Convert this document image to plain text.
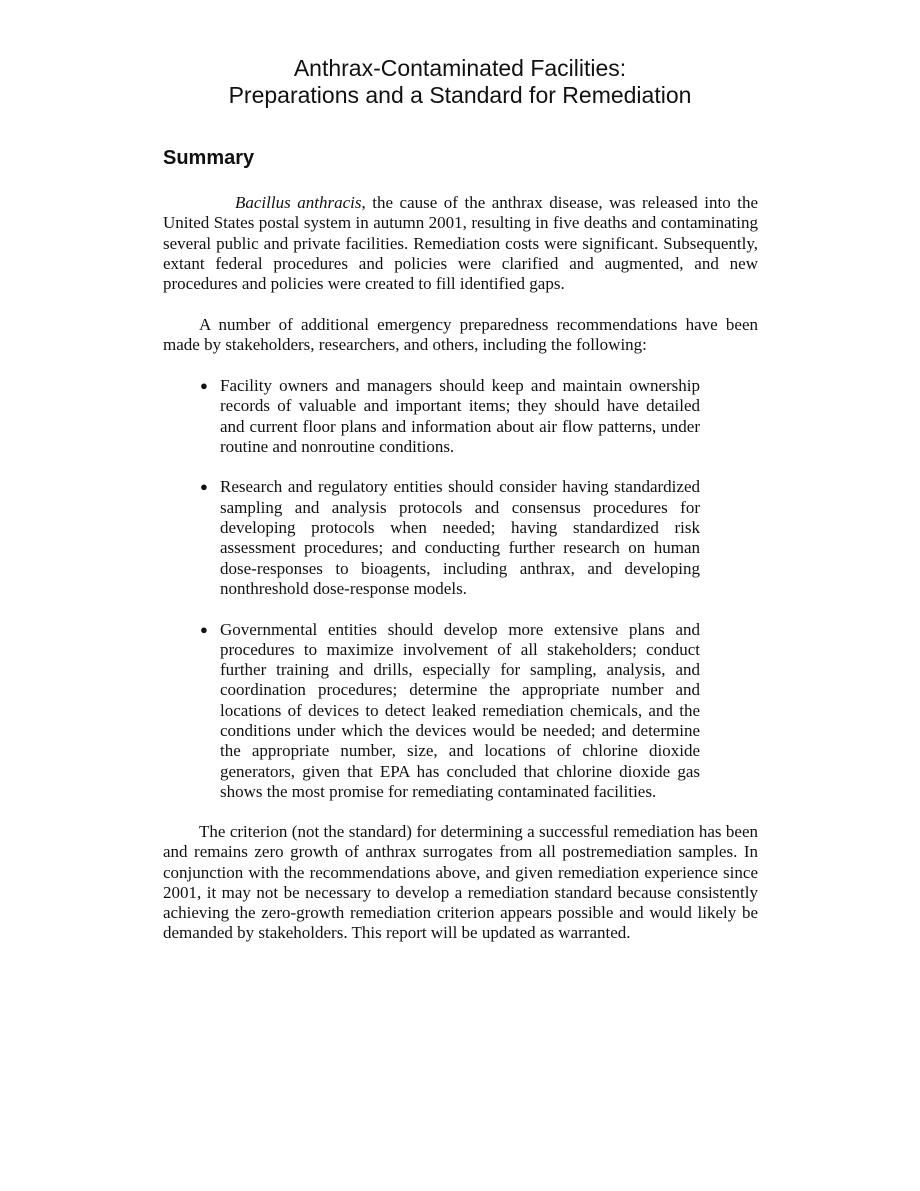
Anthrax-Contaminated Facilities:
Preparations and a Standard for Remediation
Summary

Bacillus anthracis, the cause of the anthrax disease, was released into the United States postal system in autumn 2001, resulting in five deaths and contaminating several public and private facilities. Remediation costs were significant. Subsequently, extant federal procedures and policies were clarified and augmented, and new procedures and policies were created to fill identified gaps.

A number of additional emergency preparedness recommendations have been made by stakeholders, researchers, and others, including the following:

● Facility owners and managers should keep and maintain ownership records of valuable and important items; they should have detailed and current floor plans and information about air flow patterns, under routine and nonroutine conditions.
● Research and regulatory entities should consider having standardized sampling and analysis protocols and consensus procedures for developing protocols when needed; having standardized risk assessment procedures; and conducting further research on human dose-responses to bioagents, including anthrax, and developing nonthreshold dose-response models.
● Governmental entities should develop more extensive plans and procedures to maximize involvement of all stakeholders; conduct further training and drills, especially for sampling, analysis, and coordination procedures; determine the appropriate number and locations of devices to detect leaked remediation chemicals, and the conditions under which the devices would be needed; and determine the appropriate number, size, and locations of chlorine dioxide generators, given that EPA has concluded that chlorine dioxide gas shows the most promise for remediating contaminated facilities.

The criterion (not the standard) for determining a successful remediation has been and remains zero growth of anthrax surrogates from all postremediation samples. In conjunction with the recommendations above, and given remediation experience since 2001, it may not be necessary to develop a remediation standard because consistently achieving the zero-growth remediation criterion appears possible and would likely be demanded by stakeholders. This report will be updated as warranted.
